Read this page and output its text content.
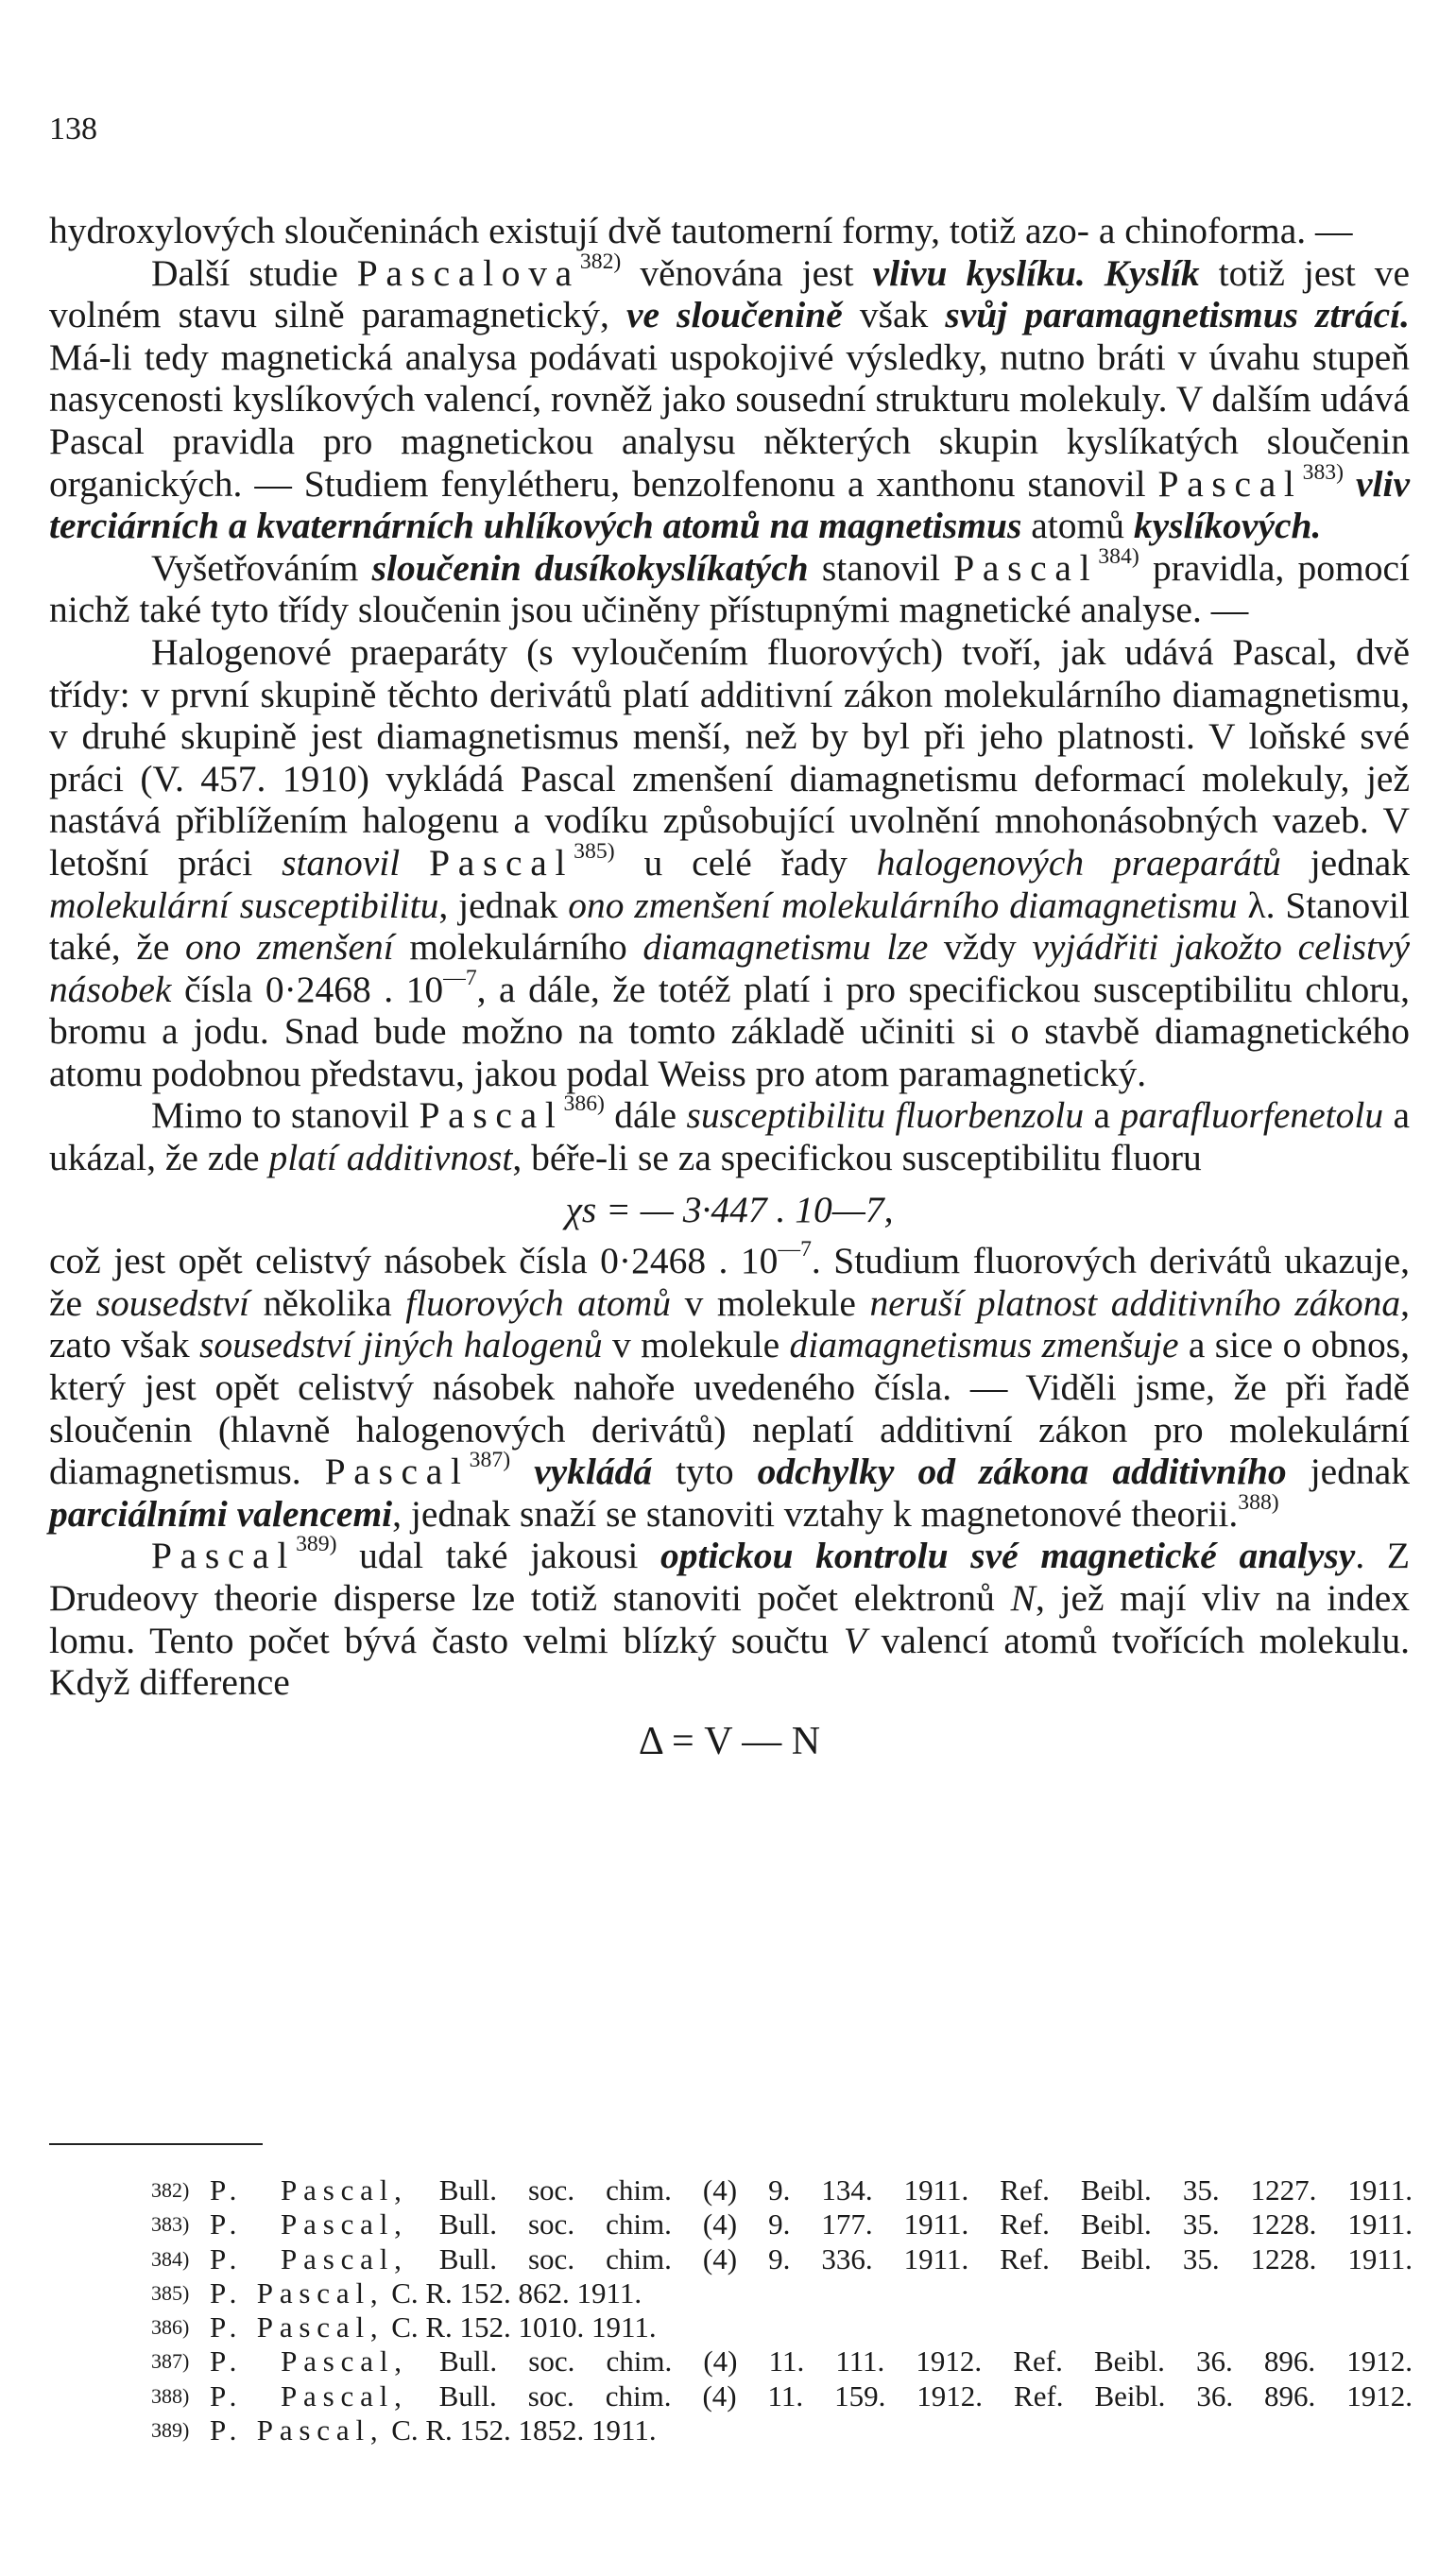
138

hydroxylových sloučeninách existují dvě tautomerní formy, totiž azo- a chinoforma. —

Další studie Pascalova$^{382)}$ věnována jest vlivu kyslíku. Kyslík totiž jest ve volném stavu silně paramagnetický, ve sloučenině však svůj paramagnetismus ztrácí. Má-li tedy magnetická analysa podávati uspokojivé výsledky, nutno bráti v úvahu stupeň nasycenosti kyslíkových valencí, rovněž jako sousední strukturu molekuly. V dalším udává Pascal pravidla pro magnetickou analysu některých skupin kyslíkatých sloučenin organických. — Studiem fenylétheru, benzolfenonu a xanthonu stanovil Pascal$^{383)}$ vliv terciárních a kvaternárních uhlíkových atomů na magnetismus atomů kyslíkových.

Vyšetřováním sloučenin dusíkokyslíkatých stanovil Pascal$^{384)}$ pravidla, pomocí nichž také tyto třídy sloučenin jsou učiněny přístupnými magnetické analyse. —

Halogenové praeparáty (s vyloučením fluorových) tvoří, jak udává Pascal, dvě třídy: v první skupině těchto derivátů platí additivní zákon molekulárního diamagnetismu, v druhé skupině jest diamagnetismus menší, než by byl při jeho platnosti. V loňské své práci (V. 457. 1910) vykládá Pascal zmenšení diamagnetismu deformací molekuly, jež nastává přiblížením halogenu a vodíku způsobující uvolnění mnohonásobných vazeb. V letošní práci stanovil Pascal$^{385)}$ u celé řady halogenových praeparátů jednak molekulární susceptibilitu, jednak ono zmenšení molekulárního diamagnetismu λ. Stanovil také, že ono zmenšení molekulárního diamagnetismu lze vždy vyjádřiti jakožto celistvý násobek čísla 0·2468 . $10^{—7}$, a dále, že totéž platí i pro specifickou susceptibilitu chloru, bromu a jodu. Snad bude možno na tomto základě učiniti si o stavbě diamagnetického atomu podobnou představu, jakou podal Weiss pro atom paramagnetický.

Mimo to stanovil Pascal$^{386)}$ dále susceptibilitu fluorbenzolu a parafluorfenetolu a ukázal, že zde platí additivnost, béře-li se za specifickou susceptibilitu fluoru

χs = — 3·447 . 10—7,

což jest opět celistvý násobek čísla 0·2468 . $10^{—7}$. Studium fluorových derivátů ukazuje, že sousedství několika fluorových atomů v molekule neruší platnost additivního zákona, zato však sousedství jiných halogenů v molekule diamagnetismus zmenšuje a sice o obnos, který jest opět celistvý násobek nahoře uvedeného čísla. — Viděli jsme, že při řadě sloučenin (hlavně halogenových derivátů) neplatí additivní zákon pro molekulární diamagnetismus. Pascal$^{387)}$ vykládá tyto odchylky od zákona additivního jednak parciálními valencemi, jednak snaží se stanoviti vztahy k magnetonové theorii.$^{388)}$

Pascal$^{389)}$ udal také jakousi optickou kontrolu své magnetické analysy. Z Drudeovy theorie disperse lze totiž stanoviti počet elektronů N, jež mají vliv na index lomu. Tento počet bývá často velmi blízký součtu V valencí atomů tvořících molekulu. Když difference

Δ = V — N
382) P. Pascal, Bull. soc. chim. (4) 9. 134. 1911. Ref. Beibl. 35. 1227. 1911.
383) P. Pascal, Bull. soc. chim. (4) 9. 177. 1911. Ref. Beibl. 35. 1228. 1911.
384) P. Pascal, Bull. soc. chim. (4) 9. 336. 1911. Ref. Beibl. 35. 1228. 1911.
385) P. Pascal, C. R. 152. 862. 1911.
386) P. Pascal, C. R. 152. 1010. 1911.
387) P. Pascal, Bull. soc. chim. (4) 11. 111. 1912. Ref. Beibl. 36. 896. 1912.
388) P. Pascal, Bull. soc. chim. (4) 11. 159. 1912. Ref. Beibl. 36. 896. 1912.
389) P. Pascal, C. R. 152. 1852. 1911.
